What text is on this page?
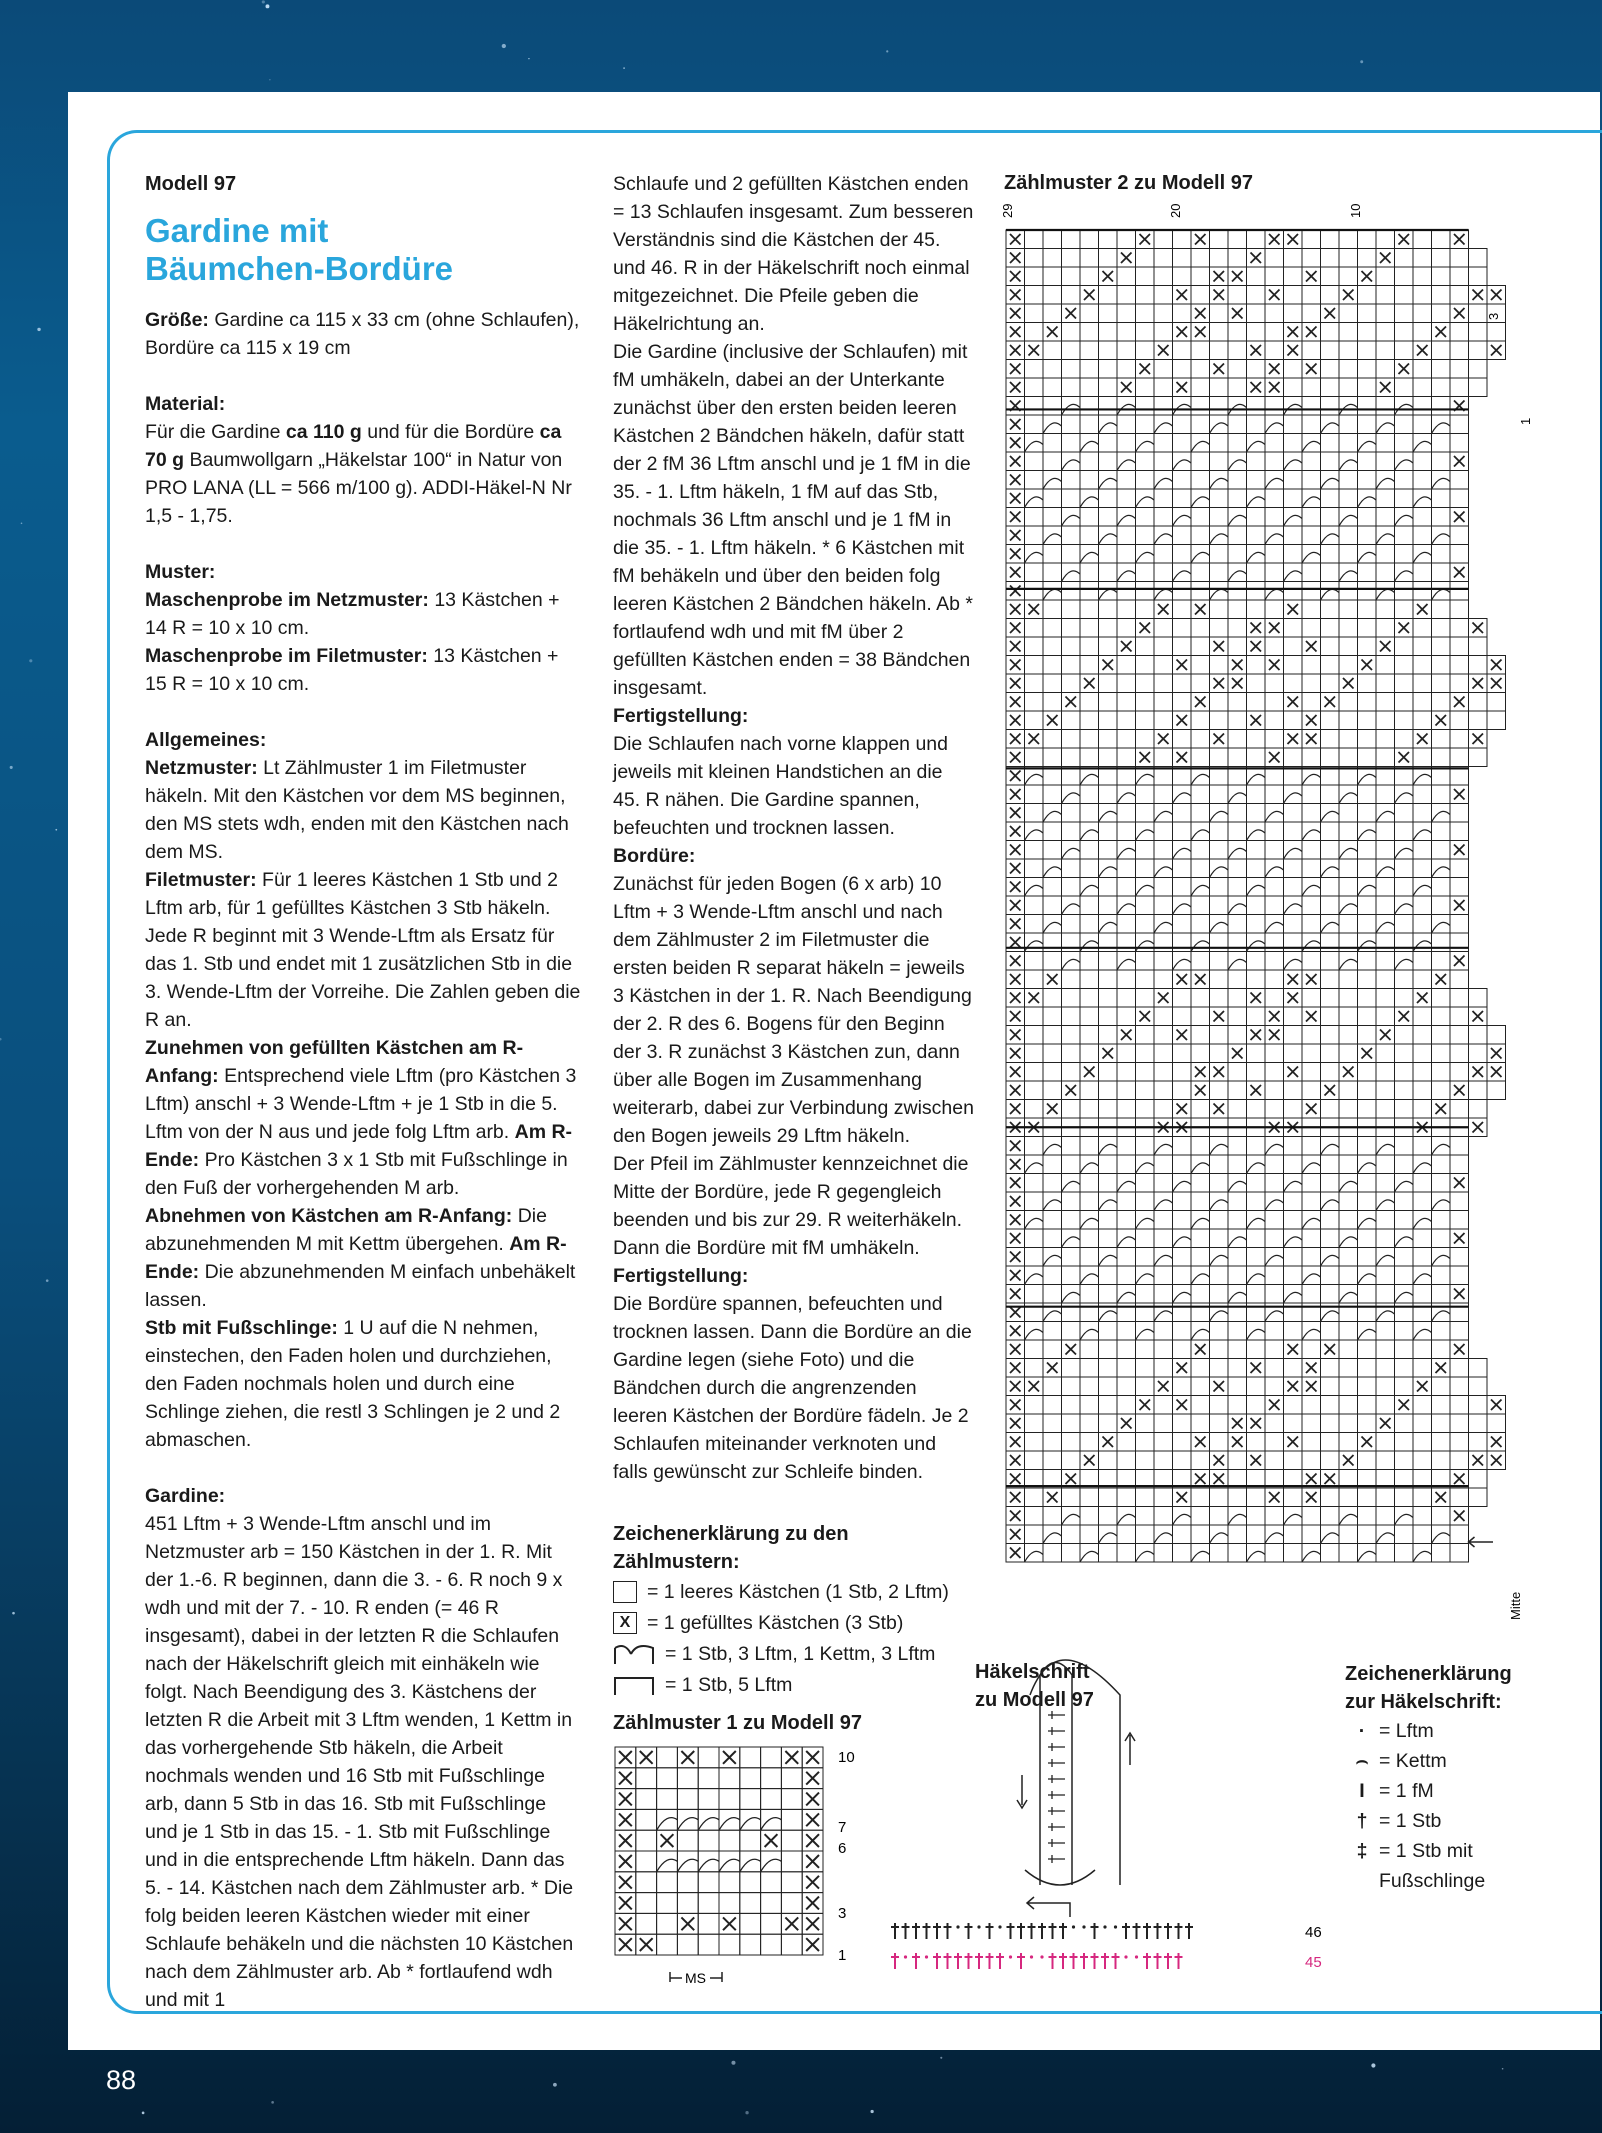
Modell 97

Gardine mit
Bäumchen-Bordüre

Größe: Gardine ca 115 x 33 cm (ohne Schlaufen), Bordüre ca 115 x 19 cm

Material:

Für die Gardine ca 110 g und für die Bordüre ca 70 g Baumwollgarn „Häkelstar 100“ in Natur von PRO LANA (LL = 566 m/100 g). ADDI-Häkel-N Nr 1,5 - 1,75.

Muster:

Maschenprobe im Netzmuster: 13 Kästchen + 14 R = 10 x 10 cm.

Maschenprobe im Filetmuster: 13 Kästchen + 15 R = 10 x 10 cm.

Allgemeines:

Netzmuster: Lt Zählmuster 1 im Filetmuster häkeln. Mit den Kästchen vor dem MS beginnen, den MS stets wdh, enden mit den Kästchen nach dem MS.

Filetmuster: Für 1 leeres Kästchen 1 Stb und 2 Lftm arb, für 1 gefülltes Kästchen 3 Stb häkeln. Jede R beginnt mit 3 Wende-Lftm als Ersatz für das 1. Stb und endet mit 1 zusätzlichen Stb in die 3. Wende-Lftm der Vorreihe. Die Zahlen geben die R an.

Zunehmen von gefüllten Kästchen am R-Anfang: Entsprechend viele Lftm (pro Kästchen 3 Lftm) anschl + 3 Wende-Lftm + je 1 Stb in die 5. Lftm von der N aus und jede folg Lftm arb. Am R-Ende: Pro Kästchen 3 x 1 Stb mit Fußschlinge in den Fuß der vorhergehenden M arb.

Abnehmen von Kästchen am R-Anfang: Die abzunehmenden M mit Kettm übergehen. Am R-Ende: Die abzunehmenden M einfach unbehäkelt lassen.

Stb mit Fußschlinge: 1 U auf die N nehmen, einstechen, den Faden holen und durchziehen, den Faden nochmals holen und durch eine Schlinge ziehen, die restl 3 Schlingen je 2 und 2 abmaschen.

Gardine:

451 Lftm + 3 Wende-Lftm anschl und im Netzmuster arb = 150 Kästchen in der 1. R. Mit der 1.-6. R beginnen, dann die 3. - 6. R noch 9 x wdh und mit der 7. - 10. R enden (= 46 R insgesamt), dabei in der letzten R die Schlaufen nach der Häkelschrift gleich mit einhäkeln wie folgt. Nach Beendigung des 3. Kästchens der letzten R die Arbeit mit 3 Lftm wenden, 1 Kettm in das vorhergehende Stb häkeln, die Arbeit nochmals wenden und 16 Stb mit Fußschlinge arb, dann 5 Stb in das 16. Stb mit Fußschlinge und je 1 Stb in das 15. - 1. Stb mit Fußschlinge und in die entsprechende Lftm häkeln. Dann das 5. - 14. Kästchen nach dem Zählmuster arb. * Die folg beiden leeren Kästchen wieder mit einer Schlaufe behäkeln und die nächsten 10 Kästchen nach dem Zählmuster arb. Ab * fortlaufend wdh und mit 1

Schlaufe und 2 gefüllten Kästchen enden = 13 Schlaufen insgesamt. Zum besseren Verständnis sind die Kästchen der 45. und 46. R in der Häkelschrift noch einmal mitgezeichnet. Die Pfeile geben die Häkelrichtung an.

Die Gardine (inclusive der Schlaufen) mit fM umhäkeln, dabei an der Unterkante zunächst über den ersten beiden leeren Kästchen 2 Bändchen häkeln, dafür statt der 2 fM 36 Lftm anschl und je 1 fM in die 35. - 1. Lftm häkeln, 1 fM auf das Stb, nochmals 36 Lftm anschl und je 1 fM in die 35. - 1. Lftm häkeln. * 6 Kästchen mit fM behäkeln und über den beiden folg leeren Kästchen 2 Bändchen häkeln. Ab * fortlaufend wdh und mit fM über 2 gefüllten Kästchen enden = 38 Bändchen insgesamt.

Fertigstellung:

Die Schlaufen nach vorne klappen und jeweils mit kleinen Handstichen an die 45. R nähen. Die Gardine spannen, befeuchten und trocknen lassen.

Bordüre:

Zunächst für jeden Bogen (6 x arb) 10 Lftm + 3 Wende-Lftm anschl und nach dem Zählmuster 2 im Filetmuster die ersten beiden R separat häkeln = jeweils 3 Kästchen in der 1. R. Nach Beendigung der 2. R des 6. Bogens für den Beginn der 3. R zunächst 3 Kästchen zun, dann über alle Bogen im Zusammenhang weiterarb, dabei zur Verbindung zwischen den Bogen jeweils 29 Lftm häkeln.

Der Pfeil im Zählmuster kennzeichnet die Mitte der Bordüre, jede R gegengleich beenden und bis zur 29. R weiterhäkeln. Dann die Bordüre mit fM umhäkeln.

Fertigstellung:

Die Bordüre spannen, befeuchten und trocknen lassen. Dann die Bordüre an die Gardine legen (siehe Foto) und die Bändchen durch die angrenzenden leeren Kästchen der Bordüre fädeln. Je 2 Schlaufen miteinander verknoten und falls gewünscht zur Schleife binden.

Zeichenerklärung zu den Zählmustern:

= 1 leeres Kästchen (1 Stb, 2 Lftm)
X = 1 gefülltes Kästchen (3 Stb)
= 1 Stb, 3 Lftm, 1 Kettm, 3 Lftm
= 1 Stb, 5 Lftm
Zählmuster 2 zu Modell 97
29	20	10
3
1
Mitte
Zählmuster 1 zu Modell 97
10
7
6
3
1
MS
Häkelschrift
zu Modell 97
46
45
Zeichenerklärung
zur Häkelschrift:
· = Lftm
⌢ = Kettm
I = 1 fM
† = 1 Stb
‡ = 1 Stb mit
Fußschlinge
88
